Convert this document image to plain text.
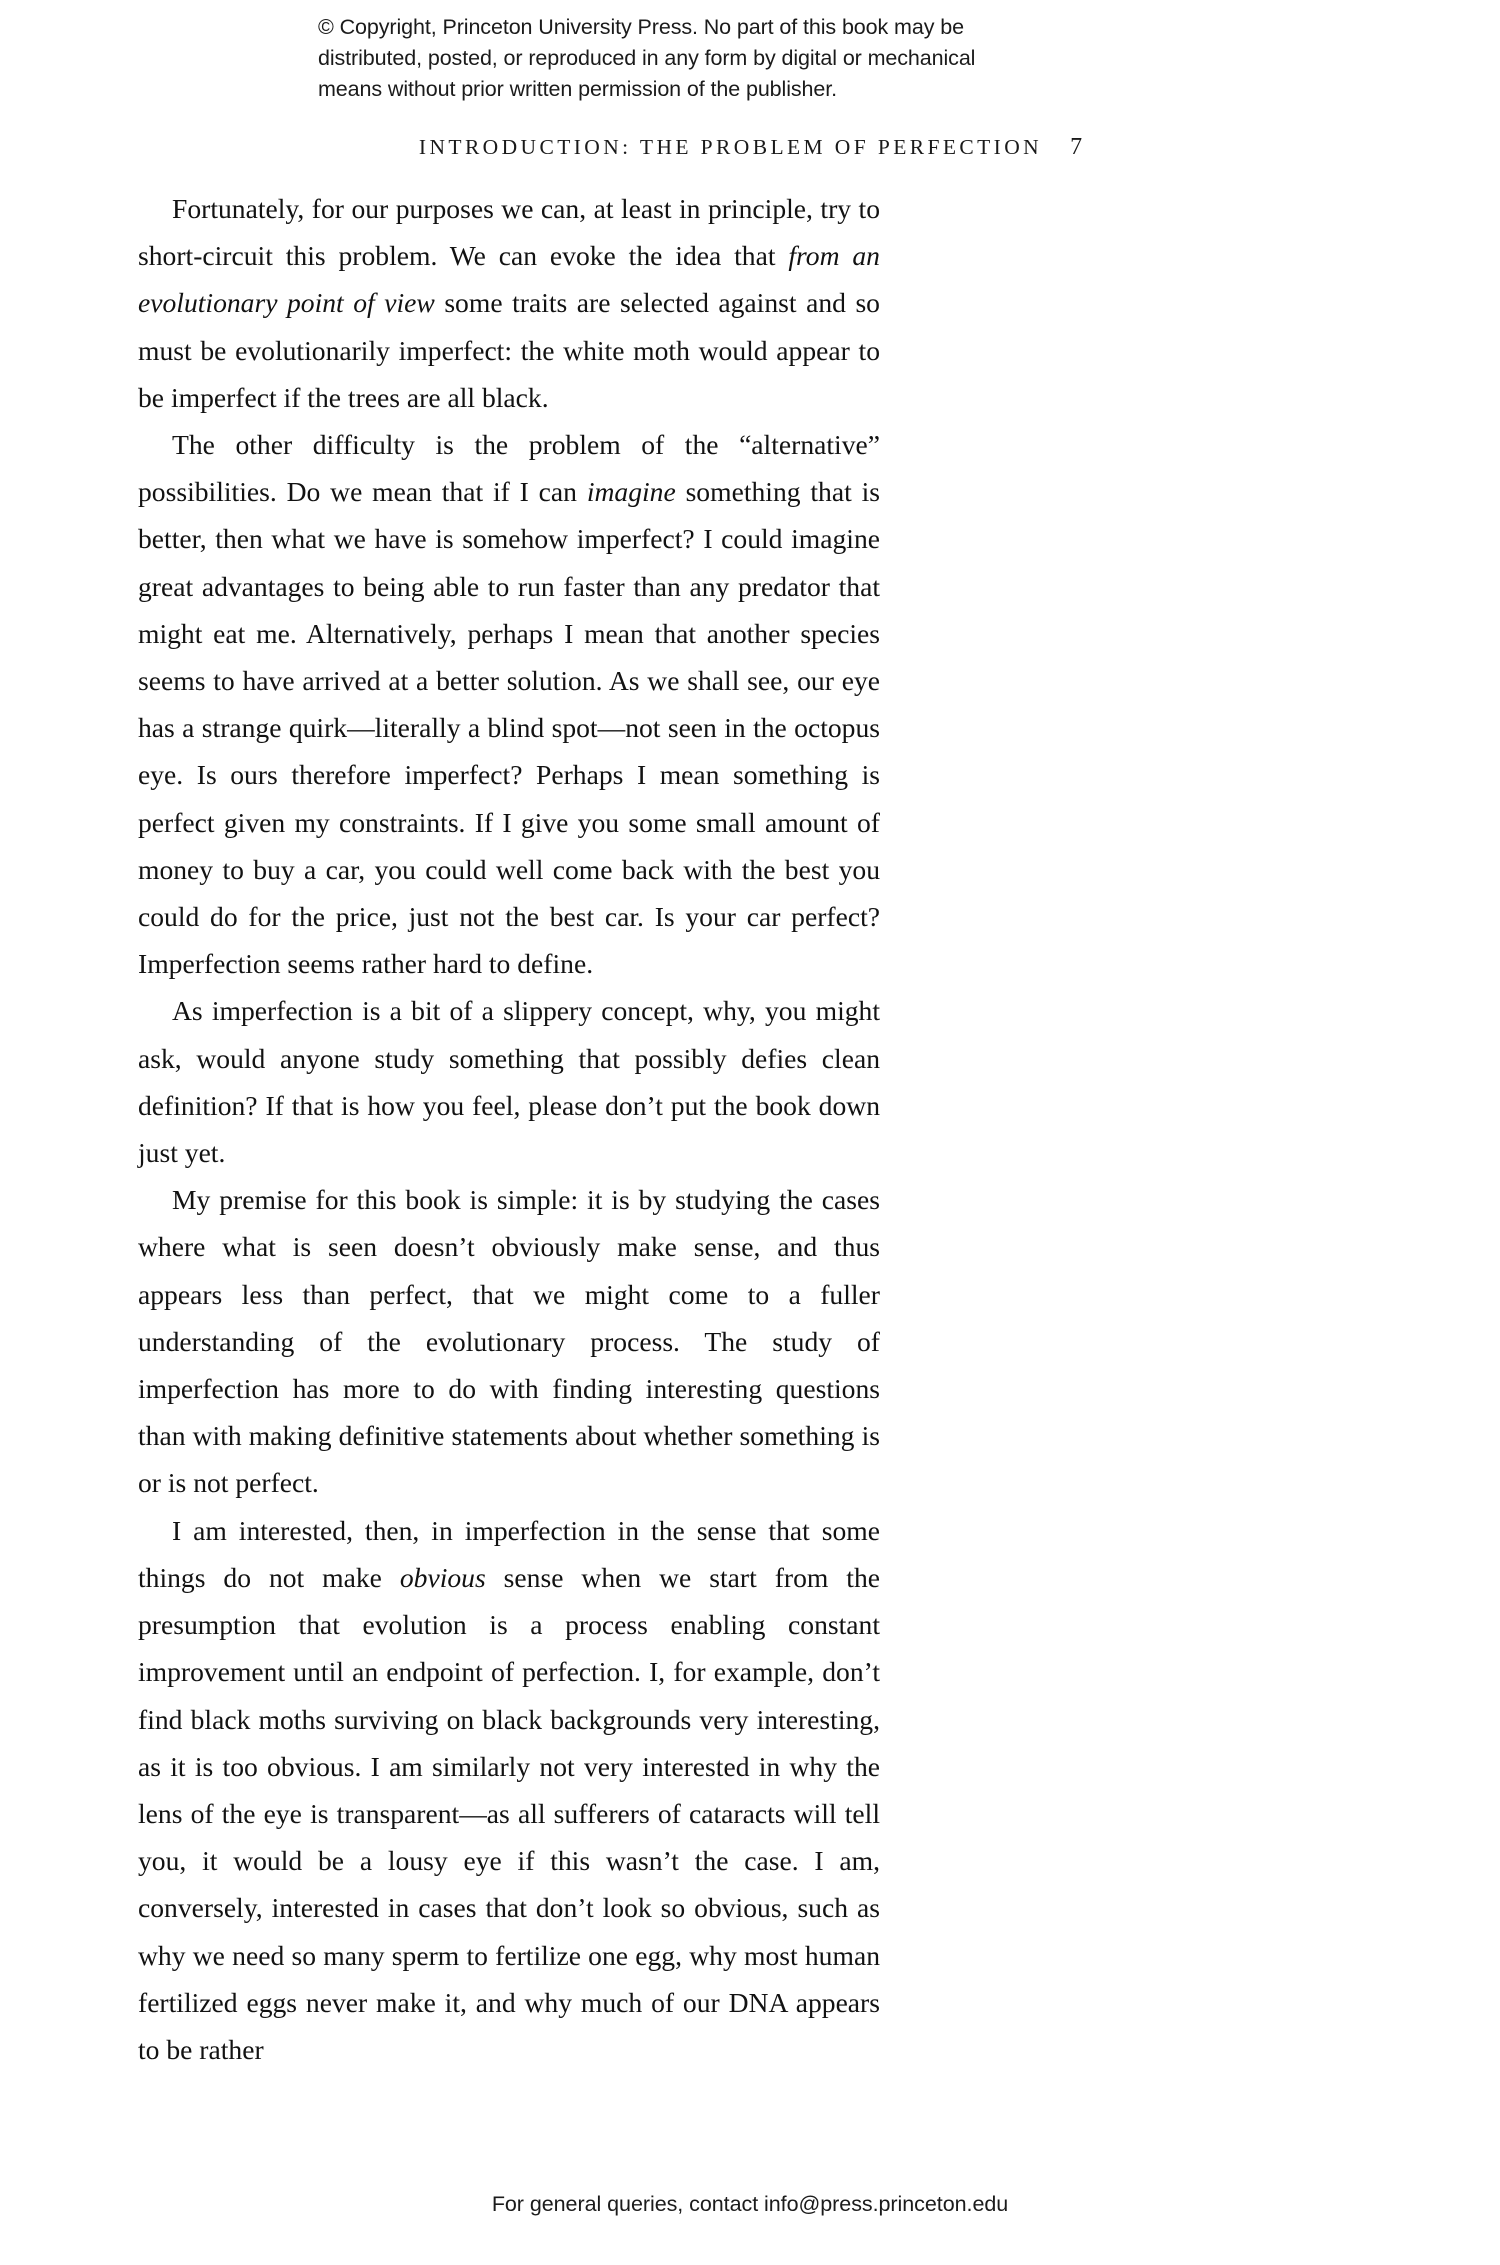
© Copyright, Princeton University Press. No part of this book may be
distributed, posted, or reproduced in any form by digital or mechanical
means without prior written permission of the publisher.
INTRODUCTION: THE PROBLEM OF PERFECTION 7

Fortunately, for our purposes we can, at least in principle, try to short-circuit this problem. We can evoke the idea that from an evolutionary point of view some traits are selected against and so must be evolutionarily imperfect: the white moth would appear to be imperfect if the trees are all black.

The other difficulty is the problem of the “alternative” possibilities. Do we mean that if I can imagine something that is better, then what we have is somehow imperfect? I could imagine great advantages to being able to run faster than any predator that might eat me. Alternatively, perhaps I mean that another species seems to have arrived at a better solution. As we shall see, our eye has a strange quirk—literally a blind spot—not seen in the octopus eye. Is ours therefore imperfect? Perhaps I mean something is perfect given my constraints. If I give you some small amount of money to buy a car, you could well come back with the best you could do for the price, just not the best car. Is your car perfect? Imperfection seems rather hard to define.

As imperfection is a bit of a slippery concept, why, you might ask, would anyone study something that possibly defies clean definition? If that is how you feel, please don’t put the book down just yet.

My premise for this book is simple: it is by studying the cases where what is seen doesn’t obviously make sense, and thus appears less than perfect, that we might come to a fuller understanding of the evolutionary process. The study of imperfection has more to do with finding interesting questions than with making definitive statements about whether something is or is not perfect.

I am interested, then, in imperfection in the sense that some things do not make obvious sense when we start from the presumption that evolution is a process enabling constant improvement until an endpoint of perfection. I, for example, don’t find black moths surviving on black backgrounds very interesting, as it is too obvious. I am similarly not very interested in why the lens of the eye is transparent—as all sufferers of cataracts will tell you, it would be a lousy eye if this wasn’t the case. I am, conversely, interested in cases that don’t look so obvious, such as why we need so many sperm to fertilize one egg, why most human fertilized eggs never make it, and why much of our DNA appears to be rather

For general queries, contact info@press.princeton.edu
